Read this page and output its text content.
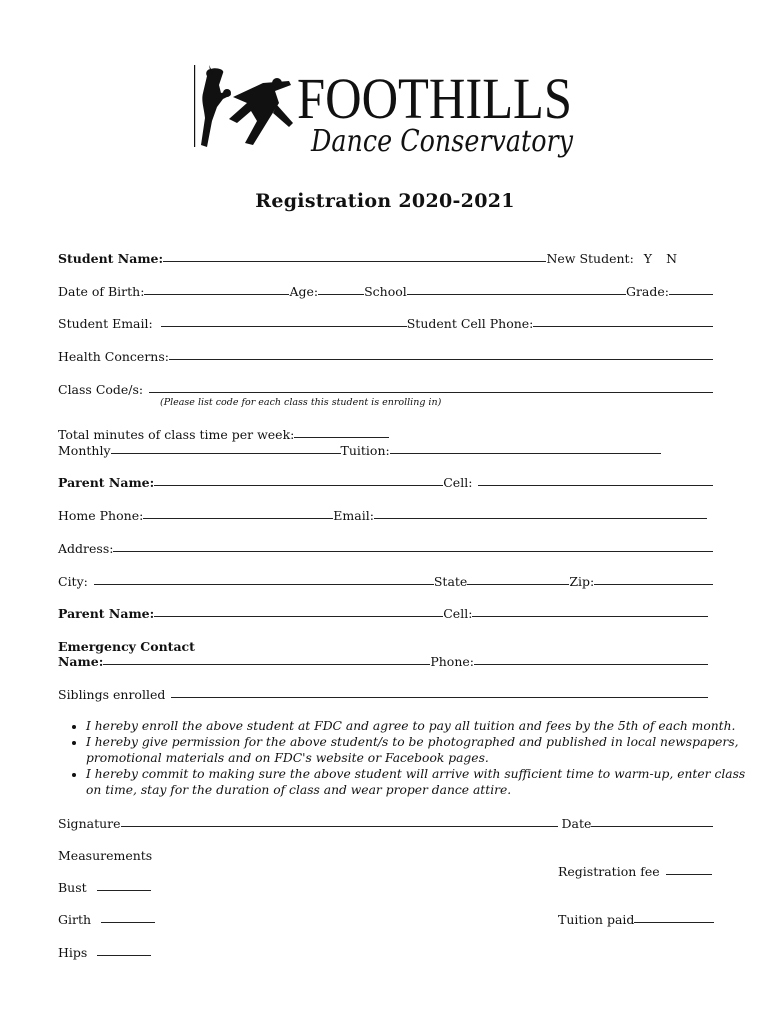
FOOTHILLS
Dance Conservatory
Registration 2020-2021
Student Name:	New Student: Y N
Date of Birth:	Age:	School	Grade:
Student Email:	Student Cell Phone:
Health Concerns:
Class Code/s:
(Please list code for each class this student is enrolling in)
Total minutes of class time per week:
Monthly	Tuition:
Parent Name:	Cell:
Home Phone:	Email:
Address:
City:	State	Zip:
Parent Name:	Cell:
Emergency Contact
Name:	Phone:
Siblings enrolled
• I hereby enroll the above student at FDC and agree to pay all tuition and fees by the 5th of each month.
• I hereby give permission for the above student/s to be photographed and published in local newspapers, promotional materials and on FDC's website or Facebook pages.
• I hereby commit to making sure the above student will arrive with sufficient time to warm-up, enter class on time, stay for the duration of class and wear proper dance attire.
Signature	Date
Measurements
Bust
Girth
Hips
Registration fee
Tuition paid
